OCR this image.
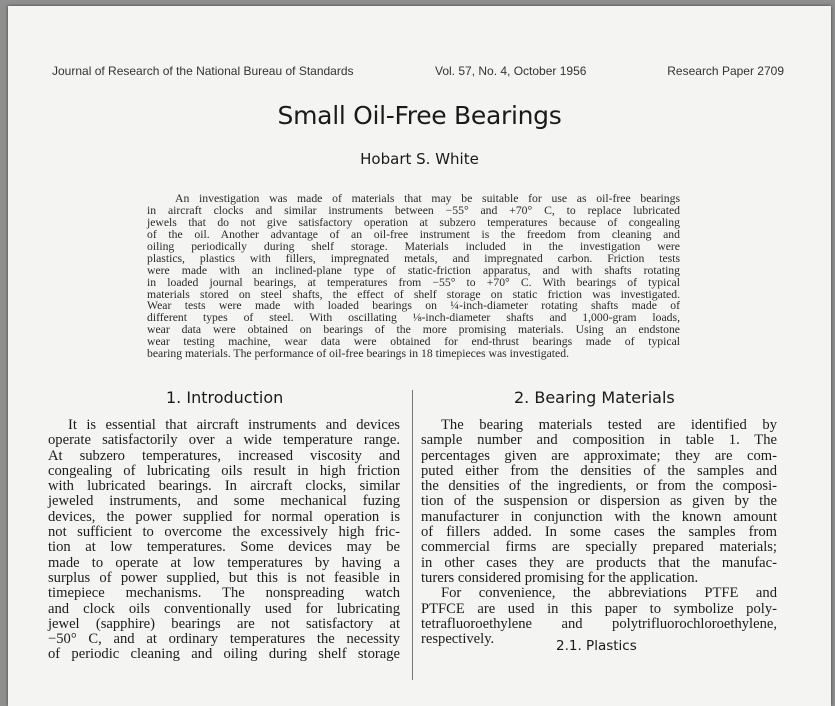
Journal of Research of the National Bureau of Standards	Vol. 57, No. 4, October 1956	Research Paper 2709
Small Oil-Free Bearings
Hobart S. White
An investigation was made of materials that may be suitable for use as oil-free bearings
in aircraft clocks and similar instruments between −55° and +70° C, to replace lubricated
jewels that do not give satisfactory operation at subzero temperatures because of congealing
of the oil. Another advantage of an oil-free instrument is the freedom from cleaning and
oiling periodically during shelf storage. Materials included in the investigation were
plastics, plastics with fillers, impregnated metals, and impregnated carbon. Friction tests
were made with an inclined-plane type of static-friction apparatus, and with shafts rotating
in loaded journal bearings, at temperatures from −55° to +70° C. With bearings of typical
materials stored on steel shafts, the effect of shelf storage on static friction was investigated.
Wear tests were made with loaded bearings on ¼-inch-diameter rotating shafts made of
different types of steel. With oscillating ⅛-inch-diameter shafts and 1,000-gram loads,
wear data were obtained on bearings of the more promising materials. Using an endstone
wear testing machine, wear data were obtained for end-thrust bearings made of typical
bearing materials. The performance of oil-free bearings in 18 timepieces was investigated.
1. Introduction	2. Bearing Materials
It is essential that aircraft instruments and devices
operate satisfactorily over a wide temperature range.
At subzero temperatures, increased viscosity and
congealing of lubricating oils result in high friction
with lubricated bearings. In aircraft clocks, similar
jeweled instruments, and some mechanical fuzing
devices, the power supplied for normal operation is
not sufficient to overcome the excessively high fric-
tion at low temperatures. Some devices may be
made to operate at low temperatures by having a
surplus of power supplied, but this is not feasible in
timepiece mechanisms. The nonspreading watch
and clock oils conventionally used for lubricating
jewel (sapphire) bearings are not satisfactory at
−50° C, and at ordinary temperatures the necessity
of periodic cleaning and oiling during shelf storage
The bearing materials tested are identified by
sample number and composition in table 1. The
percentages given are approximate; they are com-
puted either from the densities of the samples and
the densities of the ingredients, or from the composi-
tion of the suspension or dispersion as given by the
manufacturer in conjunction with the known amount
of fillers added. In some cases the samples from
commercial firms are specially prepared materials;
in other cases they are products that the manufac-
turers considered promising for the application.
For convenience, the abbreviations PTFE and
PTFCE are used in this paper to symbolize poly-
tetrafluoroethylene and polytrifluorochloroethylene,
respectively.	2.1. Plastics
